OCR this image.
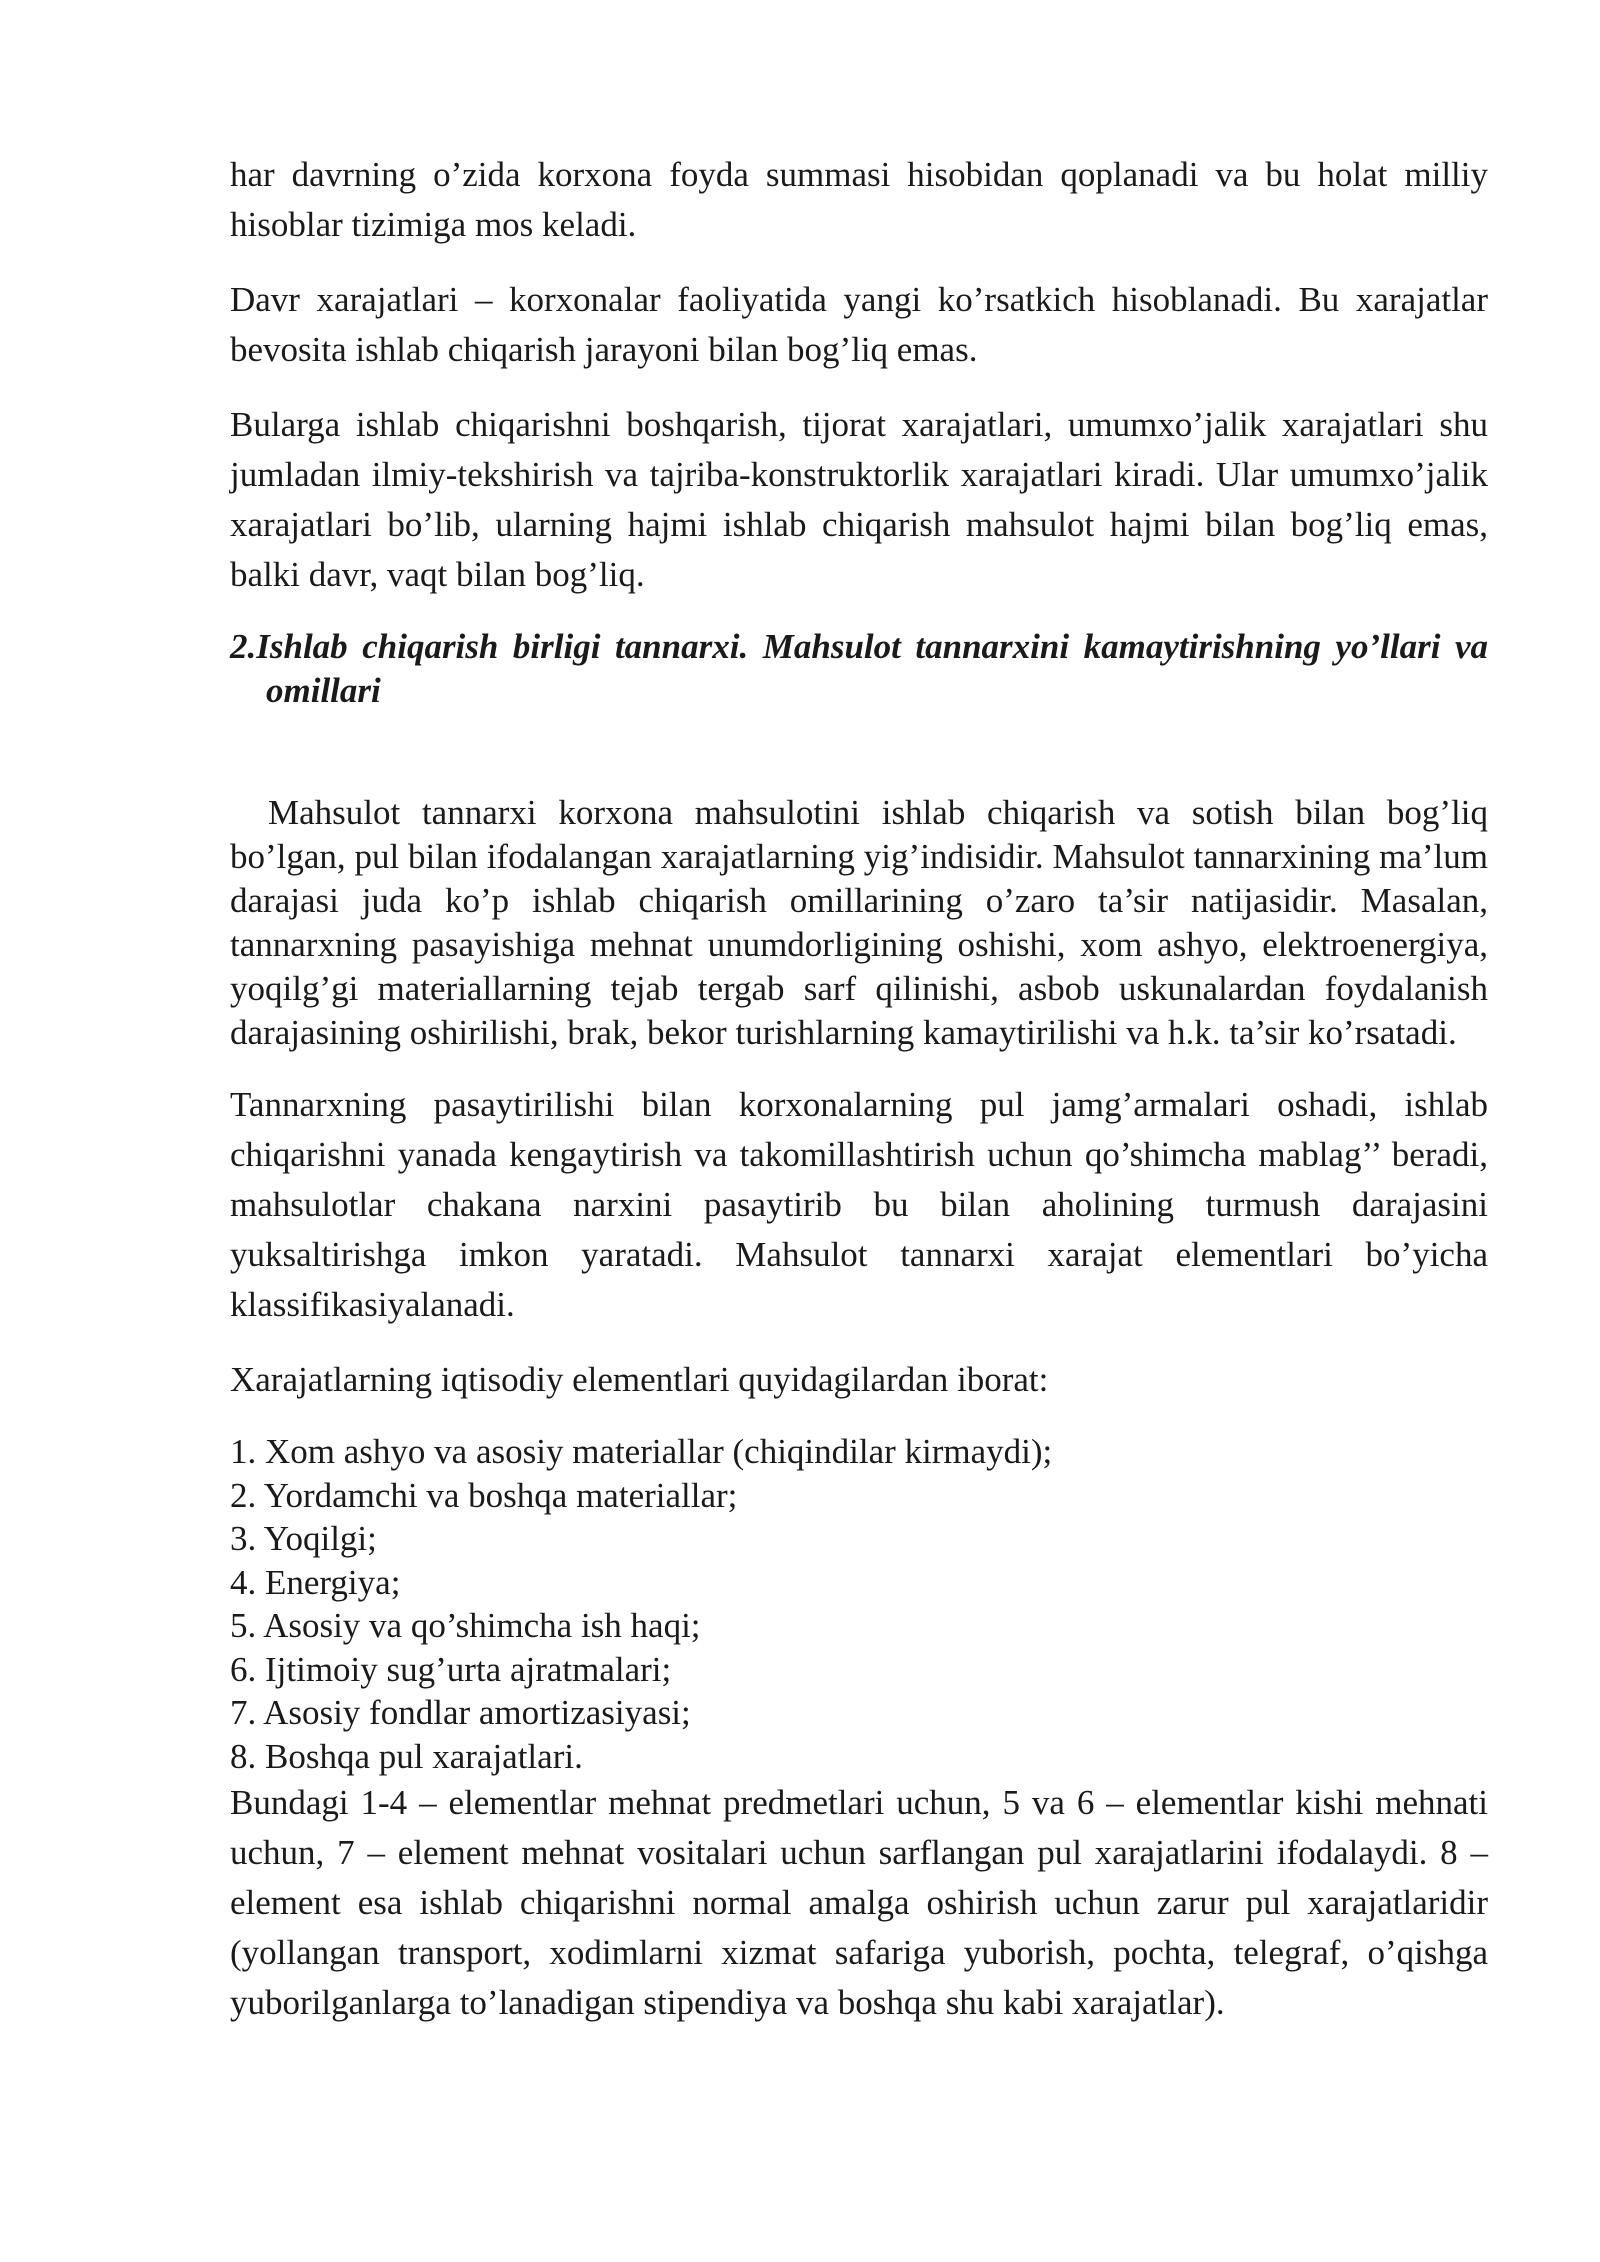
har davrning o’zida korxona foyda summasi hisobidan qoplanadi va bu holat milliy hisoblar tizimiga mos keladi.

Davr xarajatlari – korxonalar faoliyatida yangi ko’rsatkich hisoblanadi. Bu xarajatlar bevosita ishlab chiqarish jarayoni bilan bog’liq emas.

Bularga ishlab chiqarishni boshqarish, tijorat xarajatlari, umumxo’jalik xarajatlari shu jumladan ilmiy-tekshirish va tajriba-konstruktorlik xarajatlari kiradi. Ular umumxo’jalik xarajatlari bo’lib, ularning hajmi ishlab chiqarish mahsulot hajmi bilan bog’liq emas, balki davr, vaqt bilan bog’liq.

2.Ishlab chiqarish birligi tannarxi. Mahsulot tannarxini kamaytirishning yo’llari va omillari

Mahsulot tannarxi korxona mahsulotini ishlab chiqarish va sotish bilan bog’liq bo’lgan, pul bilan ifodalangan xarajatlarning yig’indisidir. Mahsulot tannarxining ma’lum darajasi juda ko’p ishlab chiqarish omillarining o’zaro ta’sir natijasidir. Masalan, tannarxning pasayishiga mehnat unumdorligining oshishi, xom ashyo, elektroenergiya, yoqilg’gi materiallarning tejab tergab sarf qilinishi, asbob uskunalardan foydalanish darajasining oshirilishi, brak, bekor turishlarning kamaytirilishi va h.k. ta’sir ko’rsatadi.

Tannarxning pasaytirilishi bilan korxonalarning pul jamg’armalari oshadi, ishlab chiqarishni yanada kengaytirish va takomillashtirish uchun qo’shimcha mablag’’ beradi, mahsulotlar chakana narxini pasaytirib bu bilan aholining turmush darajasini yuksaltirishga imkon yaratadi. Mahsulot tannarxi xarajat elementlari bo’yicha klassifikasiyalanadi.

Xarajatlarning iqtisodiy elementlari quyidagilardan iborat:

1. Xom ashyo va asosiy materiallar (chiqindilar kirmaydi);
2. Yordamchi va boshqa materiallar;
3. Yoqilgi;
4. Energiya;
5. Asosiy va qo’shimcha ish haqi;
6. Ijtimoiy sug’urta ajratmalari;
7. Asosiy fondlar amortizasiyasi;
8. Boshqa pul xarajatlari.

Bundagi 1-4 – elementlar mehnat predmetlari uchun, 5 va 6 – elementlar kishi mehnati uchun, 7 – element mehnat vositalari uchun sarflangan pul xarajatlarini ifodalaydi. 8 – element esa ishlab chiqarishni normal amalga oshirish uchun zarur pul xarajatlaridir (yollangan transport, xodimlarni xizmat safariga yuborish, pochta, telegraf, o’qishga yuborilganlarga to’lanadigan stipendiya va boshqa shu kabi xarajatlar).
